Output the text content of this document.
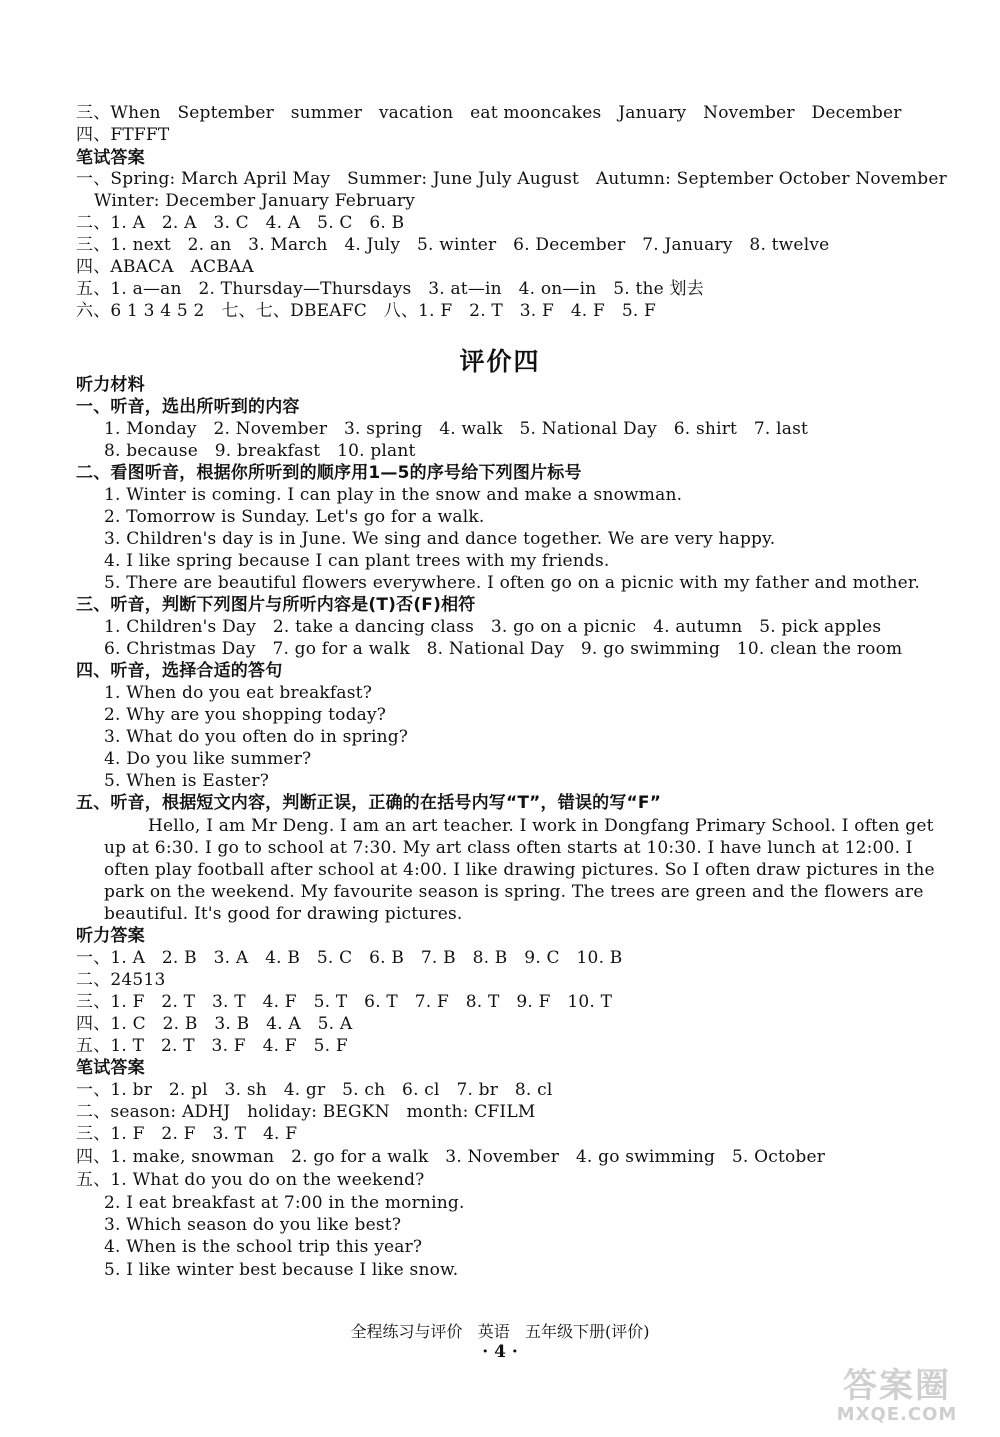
三、When   September   summer   vacation   eat mooncakes   January   November   December
四、FTFFT
笔试答案
一、Spring: March April May   Summer: June July August   Autumn: September October November
Winter: December January February
二、1. A   2. A   3. C   4. A   5. C   6. B
三、1. next   2. an   3. March   4. July   5. winter   6. December   7. January   8. twelve
四、ABACA   ACBAA
五、1. a—an   2. Thursday—Thursdays   3. at—in   4. on—in   5. the 划去
六、6 1 3 4 5 2   七、七、DBEAFC   八、1. F   2. T   3. F   4. F   5. F
评价四
听力材料
一、听音，选出所听到的内容
1. Monday   2. November   3. spring   4. walk   5. National Day   6. shirt   7. last
8. because   9. breakfast   10. plant
二、看图听音，根据你所听到的顺序用1—5的序号给下列图片标号
1. Winter is coming. I can play in the snow and make a snowman.
2. Tomorrow is Sunday. Let's go for a walk.
3. Children's day is in June. We sing and dance together. We are very happy.
4. I like spring because I can plant trees with my friends.
5. There are beautiful flowers everywhere. I often go on a picnic with my father and mother.
三、听音，判断下列图片与所听内容是(T)否(F)相符
1. Children's Day   2. take a dancing class   3. go on a picnic   4. autumn   5. pick apples
6. Christmas Day   7. go for a walk   8. National Day   9. go swimming   10. clean the room
四、听音，选择合适的答句
1. When do you eat breakfast?
2. Why are you shopping today?
3. What do you often do in spring?
4. Do you like summer?
5. When is Easter?
五、听音，根据短文内容，判断正误，正确的在括号内写“T”，错误的写“F”
Hello, I am Mr Deng. I am an art teacher. I work in Dongfang Primary School. I often get
up at 6:30. I go to school at 7:30. My art class often starts at 10:30. I have lunch at 12:00. I
often play football after school at 4:00. I like drawing pictures. So I often draw pictures in the
park on the weekend. My favourite season is spring. The trees are green and the flowers are
beautiful. It's good for drawing pictures.
听力答案
一、1. A   2. B   3. A   4. B   5. C   6. B   7. B   8. B   9. C   10. B
二、24513
三、1. F   2. T   3. T   4. F   5. T   6. T   7. F   8. T   9. F   10. T
四、1. C   2. B   3. B   4. A   5. A
五、1. T   2. T   3. F   4. F   5. F
笔试答案
一、1. br   2. pl   3. sh   4. gr   5. ch   6. cl   7. br   8. cl
二、season: ADHJ   holiday: BEGKN   month: CFILM
三、1. F   2. F   3. T   4. F
四、1. make, snowman   2. go for a walk   3. November   4. go swimming   5. October
五、1. What do you do on the weekend?
2. I eat breakfast at 7:00 in the morning.
3. Which season do you like best?
4. When is the school trip this year?
5. I like winter best because I like snow.
全程练习与评价   英语   五年级下册(评价)
· 4 ·
答案圈
MXQE.COM
